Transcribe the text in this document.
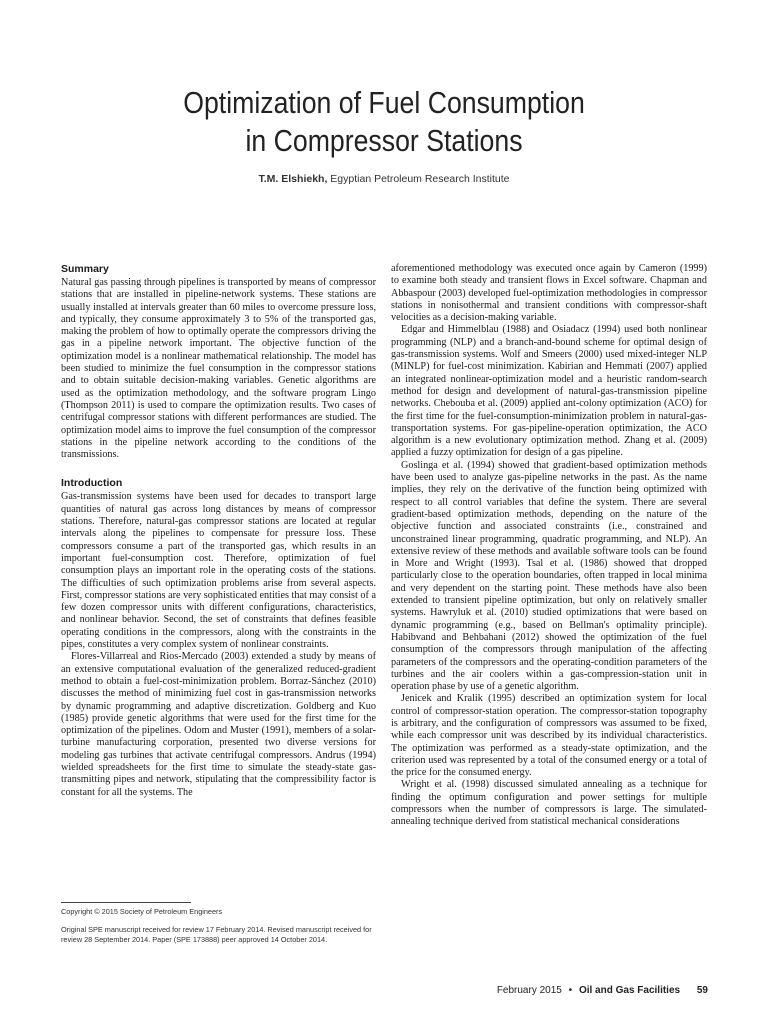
Optimization of Fuel Consumption
in Compressor Stations
T.M. Elshiekh, Egyptian Petroleum Research Institute
Summary

Natural gas passing through pipelines is transported by means of compressor stations that are installed in pipeline-network systems. These stations are usually installed at intervals greater than 60 miles to overcome pressure loss, and typically, they consume approximately 3 to 5% of the transported gas, making the problem of how to optimally operate the compressors driving the gas in a pipeline network important. The objective function of the optimization model is a nonlinear mathematical relationship. The model has been studied to minimize the fuel consumption in the compressor stations and to obtain suitable decision-making variables. Genetic algorithms are used as the optimization methodology, and the software program Lingo (Thompson 2011) is used to compare the optimization results. Two cases of centrifugal compressor stations with different performances are studied. The optimization model aims to improve the fuel consumption of the compressor stations in the pipeline network according to the conditions of the transmissions.

Introduction

Gas-transmission systems have been used for decades to transport large quantities of natural gas across long distances by means of compressor stations. Therefore, natural-gas compressor stations are located at regular intervals along the pipelines to compensate for pressure loss. These compressors consume a part of the transported gas, which results in an important fuel-consumption cost. Therefore, optimization of fuel consumption plays an important role in the operating costs of the stations. The difficulties of such optimization problems arise from several aspects. First, compressor stations are very sophisticated entities that may consist of a few dozen compressor units with different configurations, characteristics, and nonlinear behavior. Second, the set of constraints that defines feasible operating conditions in the compressors, along with the constraints in the pipes, constitutes a very complex system of nonlinear constraints.

Flores-Villarreal and Rios-Mercado (2003) extended a study by means of an extensive computational evaluation of the generalized reduced-gradient method to obtain a fuel-cost-minimization problem. Borraz-Sánchez (2010) discusses the method of minimizing fuel cost in gas-transmission networks by dynamic programming and adaptive discretization. Goldberg and Kuo (1985) provide genetic algorithms that were used for the first time for the optimization of the pipelines. Odom and Muster (1991), members of a solar-turbine manufacturing corporation, presented two diverse versions for modeling gas turbines that activate centrifugal compressors. Andrus (1994) wielded spreadsheets for the first time to simulate the steady-state gas-transmitting pipes and network, stipulating that the compressibility factor is constant for all the systems. The

aforementioned methodology was executed once again by Cameron (1999) to examine both steady and transient flows in Excel software. Chapman and Abbaspour (2003) developed fuel-optimization methodologies in compressor stations in nonisothermal and transient conditions with compressor-shaft velocities as a decision-making variable.

Edgar and Himmelblau (1988) and Osiadacz (1994) used both nonlinear programming (NLP) and a branch-and-bound scheme for optimal design of gas-transmission systems. Wolf and Smeers (2000) used mixed-integer NLP (MINLP) for fuel-cost minimization. Kabirian and Hemmati (2007) applied an integrated nonlinear-optimization model and a heuristic random-search method for design and development of natural-gas-transmission pipeline networks. Chebouba et al. (2009) applied ant-colony optimization (ACO) for the first time for the fuel-consumption-minimization problem in natural-gas-transportation systems. For gas-pipeline-operation optimization, the ACO algorithm is a new evolutionary optimization method. Zhang et al. (2009) applied a fuzzy optimization for design of a gas pipeline.

Goslinga et al. (1994) showed that gradient-based optimization methods have been used to analyze gas-pipeline networks in the past. As the name implies, they rely on the derivative of the function being optimized with respect to all control variables that define the system. There are several gradient-based optimization methods, depending on the nature of the objective function and associated constraints (i.e., constrained and unconstrained linear programming, quadratic programming, and NLP). An extensive review of these methods and available software tools can be found in More and Wright (1993). Tsal et al. (1986) showed that dropped particularly close to the operation boundaries, often trapped in local minima and very dependent on the starting point. These methods have also been extended to transient pipeline optimization, but only on relatively smaller systems. Hawryluk et al. (2010) studied optimizations that were based on dynamic programming (e.g., based on Bellman's optimality principle). Habibvand and Behbahani (2012) showed the optimization of the fuel consumption of the compressors through manipulation of the affecting parameters of the compressors and the operating-condition parameters of the turbines and the air coolers within a gas-compression-station unit in operation phase by use of a genetic algorithm.

Jenicek and Kralik (1995) described an optimization system for local control of compressor-station operation. The compressor-station topography is arbitrary, and the configuration of compressors was assumed to be fixed, while each compressor unit was described by its individual characteristics. The optimization was performed as a steady-state optimization, and the criterion used was represented by a total of the consumed energy or a total of the price for the consumed energy.

Wright et al. (1998) discussed simulated annealing as a technique for finding the optimum configuration and power settings for multiple compressors when the number of compressors is large. The simulated-annealing technique derived from statistical mechanical considerations

Copyright © 2015 Society of Petroleum Engineers
Original SPE manuscript received for review 17 February 2014. Revised manuscript received for review 28 September 2014. Paper (SPE 173888) peer approved 14 October 2014.
February 2015 • Oil and Gas Facilities 59
